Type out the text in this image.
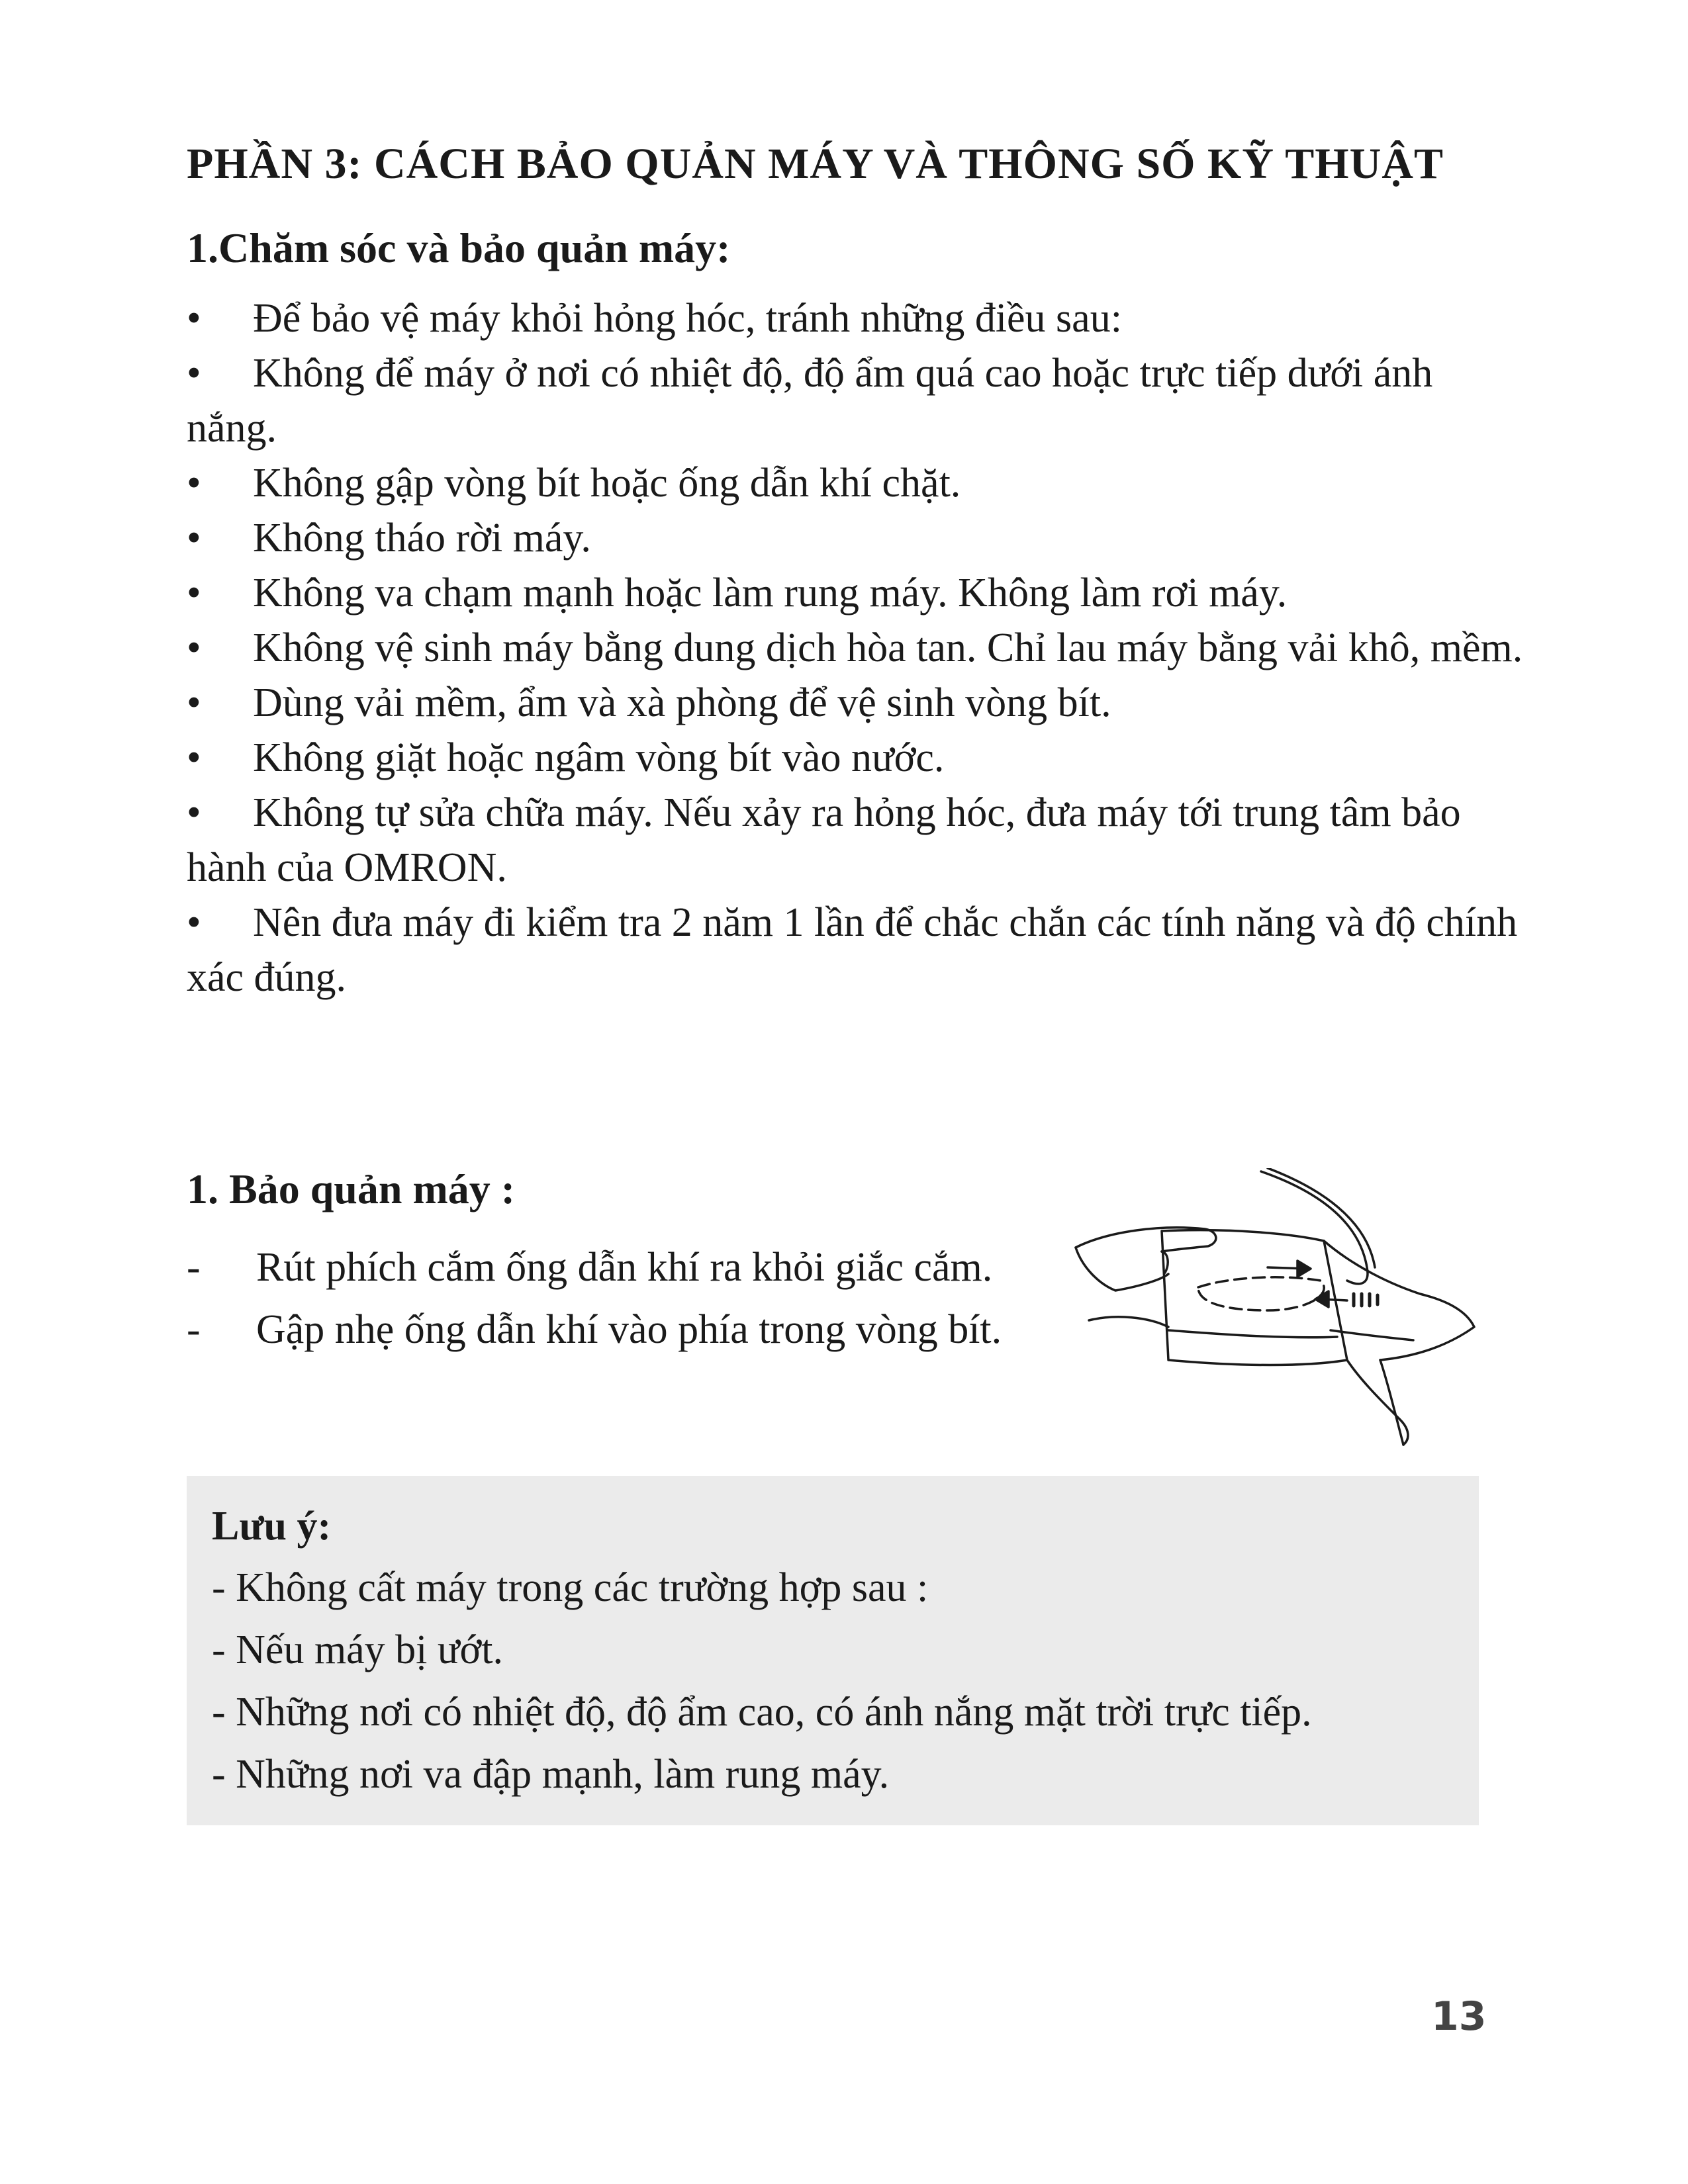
PHẦN 3: CÁCH BẢO QUẢN MÁY VÀ THÔNG SỐ KỸ THUẬT
1.Chăm sóc và bảo quản máy:
• Để bảo vệ máy khỏi hỏng hóc, tránh những điều sau:
• Không để máy ở nơi có nhiệt độ, độ ẩm quá cao hoặc trực tiếp dưới ánh nắng.
• Không gập vòng bít hoặc ống dẫn khí chặt.
• Không tháo rời máy.
• Không va chạm mạnh hoặc làm rung máy. Không làm rơi máy.
• Không vệ sinh máy bằng dung dịch hòa tan. Chỉ lau máy bằng vải khô, mềm.
• Dùng vải mềm, ẩm và xà phòng để vệ sinh vòng bít.
• Không giặt hoặc ngâm vòng bít vào nước.
• Không tự sửa chữa máy. Nếu xảy ra hỏng hóc, đưa máy tới trung tâm bảo hành của OMRON.
• Nên đưa máy đi kiểm tra 2 năm 1 lần để chắc chắn các tính năng và độ chính xác đúng.
1. Bảo quản máy :
- Rút phích cắm ống dẫn khí ra khỏi giắc cắm.
- Gập nhẹ ống dẫn khí vào phía trong vòng bít.
Lưu ý:
- Không cất máy trong các trường hợp sau :
- Nếu máy bị ướt.
- Những nơi có nhiệt độ, độ ẩm cao, có ánh nắng mặt trời trực tiếp.
- Những nơi va đập mạnh, làm rung máy.
13
